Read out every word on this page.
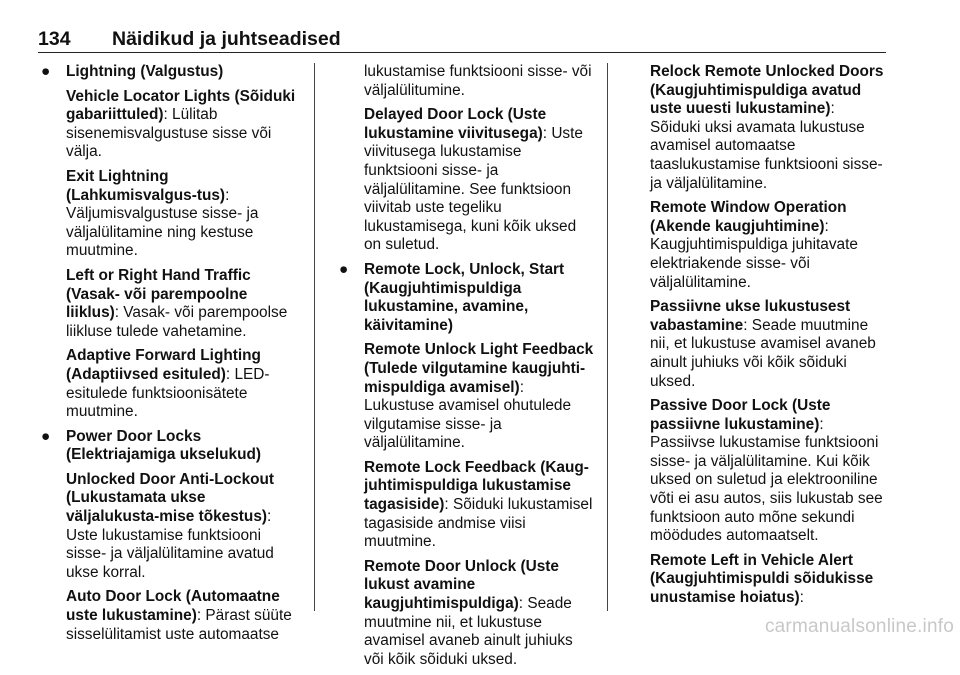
134 Näidikud ja juhtseadised
● Lightning (Valgustus)
Vehicle Locator Lights (Sõiduki gabariittuled): Lülitab sisenemisvalgustuse sisse või välja.
Exit Lightning (Lahkumisvalgus-tus): Väljumisvalgustuse sisse- ja väljalülitamine ning kestuse muutmine.
Left or Right Hand Traffic (Vasak- või parempoolne liiklus): Vasak- või parempoolse liikluse tulede vahetamine.
Adaptive Forward Lighting (Adaptiivsed esituled): LED-esitulede funktsioonisätete muutmine.
● Power Door Locks (Elektriajamiga ukselukud)
Unlocked Door Anti-Lockout (Lukustamata ukse väljalukusta-mise tõkestus): Uste lukustamise funktsiooni sisse- ja väljalülitamine avatud ukse korral.
Auto Door Lock (Automaatne uste lukustamine): Pärast süüte sisselülitamist uste automaatse
lukustamise funktsiooni sisse- või väljalülitumine.
Delayed Door Lock (Uste lukustamine viivitusega): Uste viivitusega lukustamise funktsiooni sisse- ja väljalülitamine. See funktsioon viivitab uste tegeliku lukustamisega, kuni kõik uksed on suletud.
● Remote Lock, Unlock, Start (Kaugjuhtimispuldiga lukustamine, avamine, käivitamine)
Remote Unlock Light Feedback (Tulede vilgutamine kaugjuhti-mispuldiga avamisel): Lukustuse avamisel ohutulede vilgutamise sisse- ja väljalülitamine.
Remote Lock Feedback (Kaug-juhtimispuldiga lukustamise tagasiside): Sõiduki lukustamisel tagasiside andmise viisi muutmine.
Remote Door Unlock (Uste lukust avamine kaugjuhtimispuldiga): Seade muutmine nii, et lukustuse avamisel avaneb ainult juhiuks või kõik sõiduki uksed.
Relock Remote Unlocked Doors (Kaugjuhtimispuldiga avatud uste uuesti lukustamine): Sõiduki uksi avamata lukustuse avamisel automaatse taaslukustamise funktsiooni sisse- ja väljalülitamine.
Remote Window Operation (Akende kaugjuhtimine): Kaugjuhtimispuldiga juhitavate elektriakende sisse- või väljalülitamine.
Passiivne ukse lukustusest vabastamine: Seade muutmine nii, et lukustuse avamisel avaneb ainult juhiuks või kõik sõiduki uksed.
Passive Door Lock (Uste passiivne lukustamine): Passiivse lukustamise funktsiooni sisse- ja väljalülitamine. Kui kõik uksed on suletud ja elektrooniline võti ei asu autos, siis lukustab see funktsioon auto mõne sekundi möödudes automaatselt.
Remote Left in Vehicle Alert (Kaugjuhtimispuldi sõidukisse unustamise hoiatus):
carmanualsonline.info
